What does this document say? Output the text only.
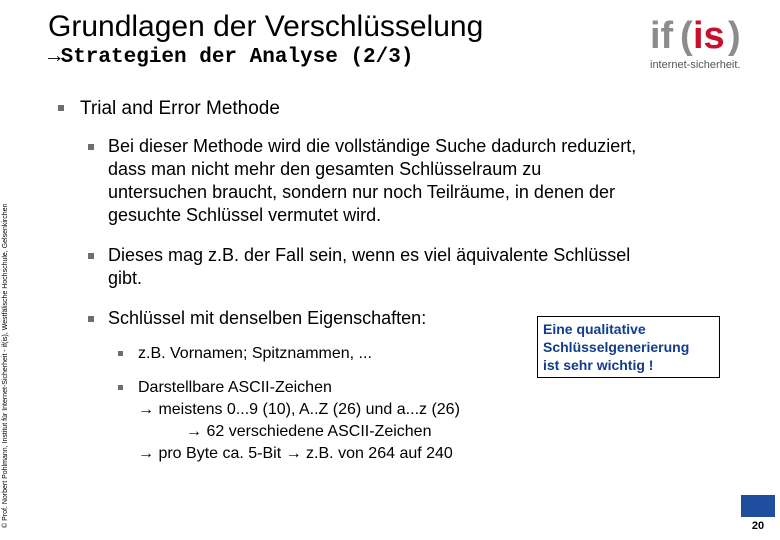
Grundlagen der Verschlüsselung
→Strategien der Analyse (2/3)
if ( is )
internet-sicherheit.
© Prof. Norbert Pohlmann, Institut für Internet-Sicherheit - if(is), Westfälische Hochschule, Gelsenkirchen
Trial and Error Methode
Bei dieser Methode wird die vollständige Suche dadurch reduziert,
dass man nicht mehr den gesamten Schlüsselraum zu
untersuchen braucht, sondern nur noch Teilräume, in denen der
gesuchte Schlüssel vermutet wird.
Dieses mag z.B. der Fall sein, wenn es viel äquivalente Schlüssel
gibt.
Schlüssel mit denselben Eigenschaften:
z.B. Vornamen; Spitznammen, ...
Darstellbare ASCII-Zeichen
→ meistens 0...9 (10), A..Z (26) und a...z (26)
→ 62 verschiedene ASCII-Zeichen
→ pro Byte ca. 5-Bit → z.B. von 264 auf 240
Eine qualitative
Schlüsselgenerierung
ist sehr wichtig !
20
